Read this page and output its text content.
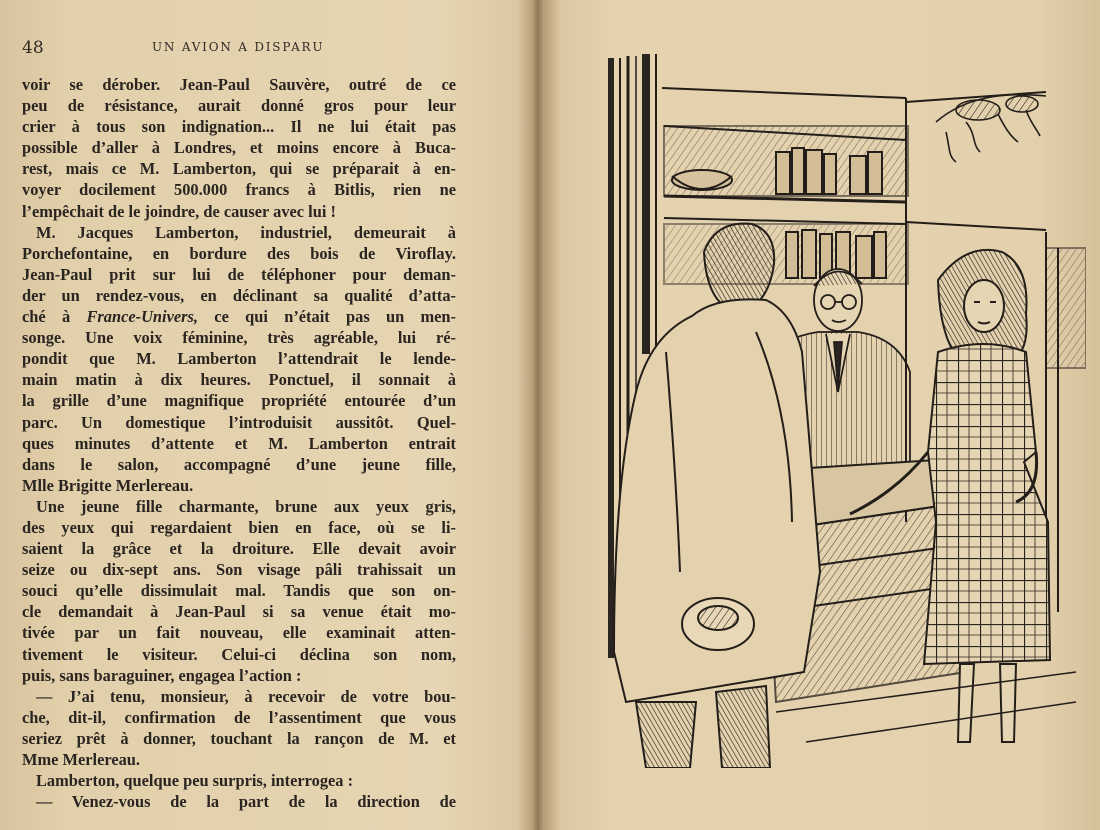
48	UN AVION A DISPARU
voir se dérober. Jean-Paul Sauvère, outré de ce
peu de résistance, aurait donné gros pour leur
crier à tous son indignation... Il ne lui était pas
possible d’aller à Londres, et moins encore à Buca-
rest, mais ce M. Lamberton, qui se préparait à en-
voyer docilement 500.000 francs à Bitlis, rien ne
l’empêchait de le joindre, de causer avec lui !
M. Jacques Lamberton, industriel, demeurait à
Porchefontaine, en bordure des bois de Viroflay.
Jean-Paul prit sur lui de téléphoner pour deman-
der un rendez-vous, en déclinant sa qualité d’atta-
ché à France-Univers, ce qui n’était pas un men-
songe. Une voix féminine, très agréable, lui ré-
pondit que M. Lamberton l’attendrait le lende-
main matin à dix heures. Ponctuel, il sonnait à
la grille d’une magnifique propriété entourée d’un
parc. Un domestique l’introduisit aussitôt. Quel-
ques minutes d’attente et M. Lamberton entrait
dans le salon, accompagné d’une jeune fille,
Mlle Brigitte Merlereau.
Une jeune fille charmante, brune aux yeux gris,
des yeux qui regardaient bien en face, où se li-
saient la grâce et la droiture. Elle devait avoir
seize ou dix-sept ans. Son visage pâli trahissait un
souci qu’elle dissimulait mal. Tandis que son on-
cle demandait à Jean-Paul si sa venue était mo-
tivée par un fait nouveau, elle examinait atten-
tivement le visiteur. Celui-ci déclina son nom,
puis, sans baraguiner, engagea l’action :
— J’ai tenu, monsieur, à recevoir de votre bou-
che, dit-il, confirmation de l’assentiment que vous
seriez prêt à donner, touchant la rançon de M. et
Mme Merlereau.
Lamberton, quelque peu surpris, interrogea :
— Venez-vous de la part de la direction de
